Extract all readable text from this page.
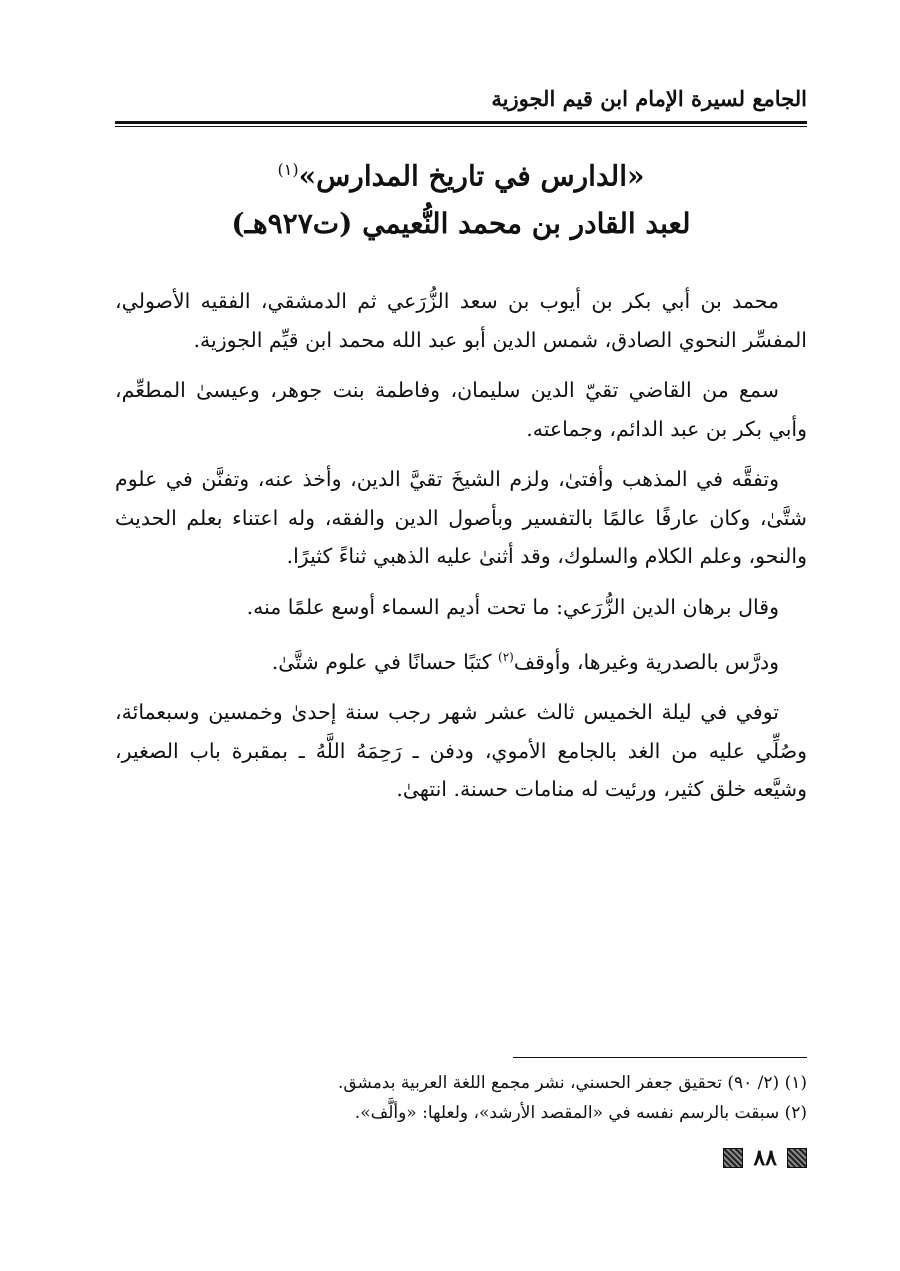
الجامع لسيرة الإمام ابن قيم الجوزية
«الدارس في تاريخ المدارس»$^{(١)}$
لعبد القادر بن محمد النُّعيمي (ت٩٢٧هـ)

محمد بن أبي بكر بن أيوب بن سعد الزُّرَعي ثم الدمشقي، الفقيه الأصولي، المفسِّر النحوي الصادق، شمس الدين أبو عبد الله محمد ابن قيِّم الجوزية.

سمع من القاضي تقيّ الدين سليمان، وفاطمة بنت جوهر، وعيسىٰ المطعِّم، وأبي بكر بن عبد الدائم، وجماعته.

وتفقَّه في المذهب وأفتىٰ، ولزم الشيخَ تقيَّ الدين، وأخذ عنه، وتفنَّن في علوم شتَّىٰ، وكان عارفًا عالمًا بالتفسير وبأصول الدين والفقه، وله اعتناء بعلم الحديث والنحو، وعلم الكلام والسلوك، وقد أثنىٰ عليه الذهبي ثناءً كثيرًا.

وقال برهان الدين الزُّرَعي: ما تحت أديم السماء أوسع علمًا منه.

ودرَّس بالصدرية وغيرها، وأوقف$^{(٢)}$ كتبًا حسانًا في علوم شتَّىٰ.

توفي في ليلة الخميس ثالث عشر شهر رجب سنة إحدىٰ وخمسين وسبعمائة، وصُلِّي عليه من الغد بالجامع الأموي، ودفن ـ رَحِمَهُ اللَّهُ ـ بمقبرة باب الصغير، وشيَّعه خلق كثير، ورئيت له منامات حسنة. انتهىٰ.

(١) (٢/ ٩٠) تحقيق جعفر الحسني، نشر مجمع اللغة العربية بدمشق.
(٢) سبقت بالرسم نفسه في «المقصد الأرشد»، ولعلها: «وألَّف».
٨٨
